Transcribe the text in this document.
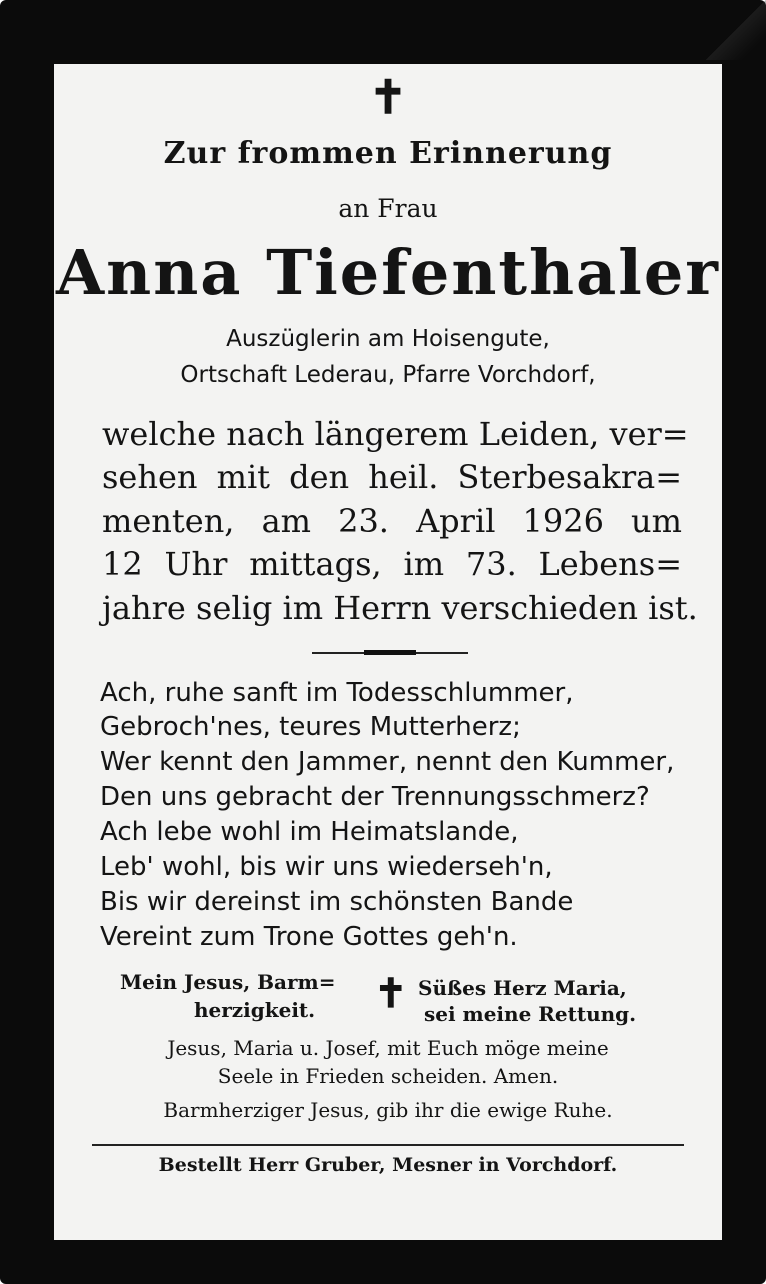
✝
Zur frommen Erinnerung
an Frau
Anna Tiefenthaler
Auszüglerin am Hoisengute,
Ortschaft Lederau, Pfarre Vorchdorf,
welche nach längerem Leiden, ver=
sehen mit den heil. Sterbesakra=
menten, am 23. April 1926 um
12 Uhr mittags, im 73. Lebens=
jahre selig im Herrn verschieden ist.
Ach, ruhe sanft im Todesschlummer,
Gebroch'nes, teures Mutterherz;
Wer kennt den Jammer, nennt den Kummer,
Den uns gebracht der Trennungsschmerz?
Ach lebe wohl im Heimatslande,
Leb' wohl, bis wir uns wiederseh'n,
Bis wir dereinst im schönsten Bande
Vereint zum Trone Gottes geh'n.
Mein Jesus, Barm=
herzigkeit. ✝ Süßes Herz Maria,
sei meine Rettung.
Jesus, Maria u. Josef, mit Euch möge meine
Seele in Frieden scheiden. Amen.
Barmherziger Jesus, gib ihr die ewige Ruhe.
Bestellt Herr Gruber, Mesner in Vorchdorf.
